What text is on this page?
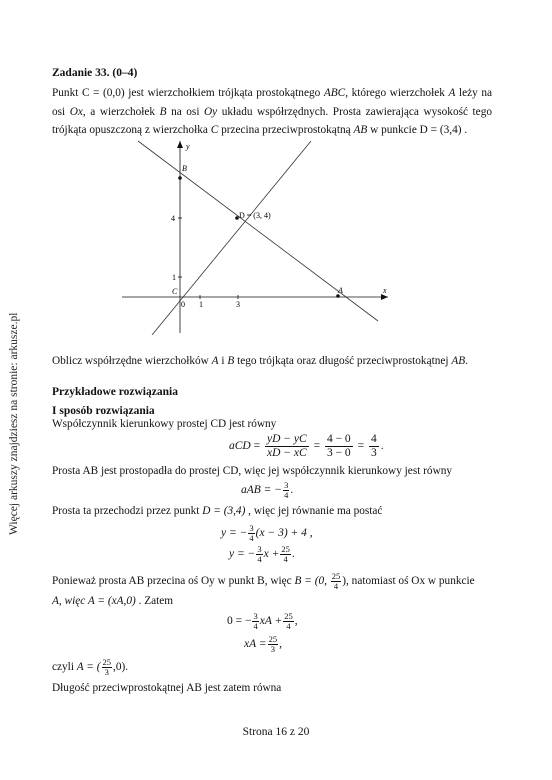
Więcej arkuszy znajdziesz na stronie: arkusze.pl
Zadanie 33. (0–4)

Punkt C = (0,0) jest wierzchołkiem trójkąta prostokątnego ABC, którego wierzchołek A leży na osi Ox, a wierzchołek B na osi Oy układu współrzędnych. Prosta zawierająca wysokość tego trójkąta opuszczoną z wierzchołka C przecina przeciwprostokątną AB w punkcie D = (3,4) .

y
x
B
C	A
D = (3, 4)
4
1
0 1	3

Oblicz współrzędne wierzchołków A i B tego trójkąta oraz długość przeciwprostokątnej AB.

Przykładowe rozwiązania
I sposób rozwiązania
Współczynnik kierunkowy prostej CD jest równy
aCD = $\frac{yD - yC}{xD - xC} = \frac{4 - 0}{3 - 0} = \frac{4}{3}$ .
Prosta AB jest prostopadła do prostej CD, więc jej współczynnik kierunkowy jest równy
aAB = − $\frac{3}{4}$ .
Prosta ta przechodzi przez punkt D = (3,4) , więc jej równanie ma postać
y = − $\frac{3}{4} (x - 3) + 4$ ,
y = − $\frac{3}{4}$ $x + \frac{25}{4}$ .
Ponieważ prosta AB przecina oś Oy w punkt B, więc B = (0, $\frac{25}{4}$ ), natomiast oś Ox w punkcie
A, więc A = (xA,0) . Zatem
0 = − $\frac{3}{4}$ xA + $\frac{25}{4}$ ,
xA = $\frac{25}{3}$ ,
czyli A = ( $\frac{25}{3} ,0$).
Długość przeciwprostokątnej AB jest zatem równa
Strona 16 z 20
